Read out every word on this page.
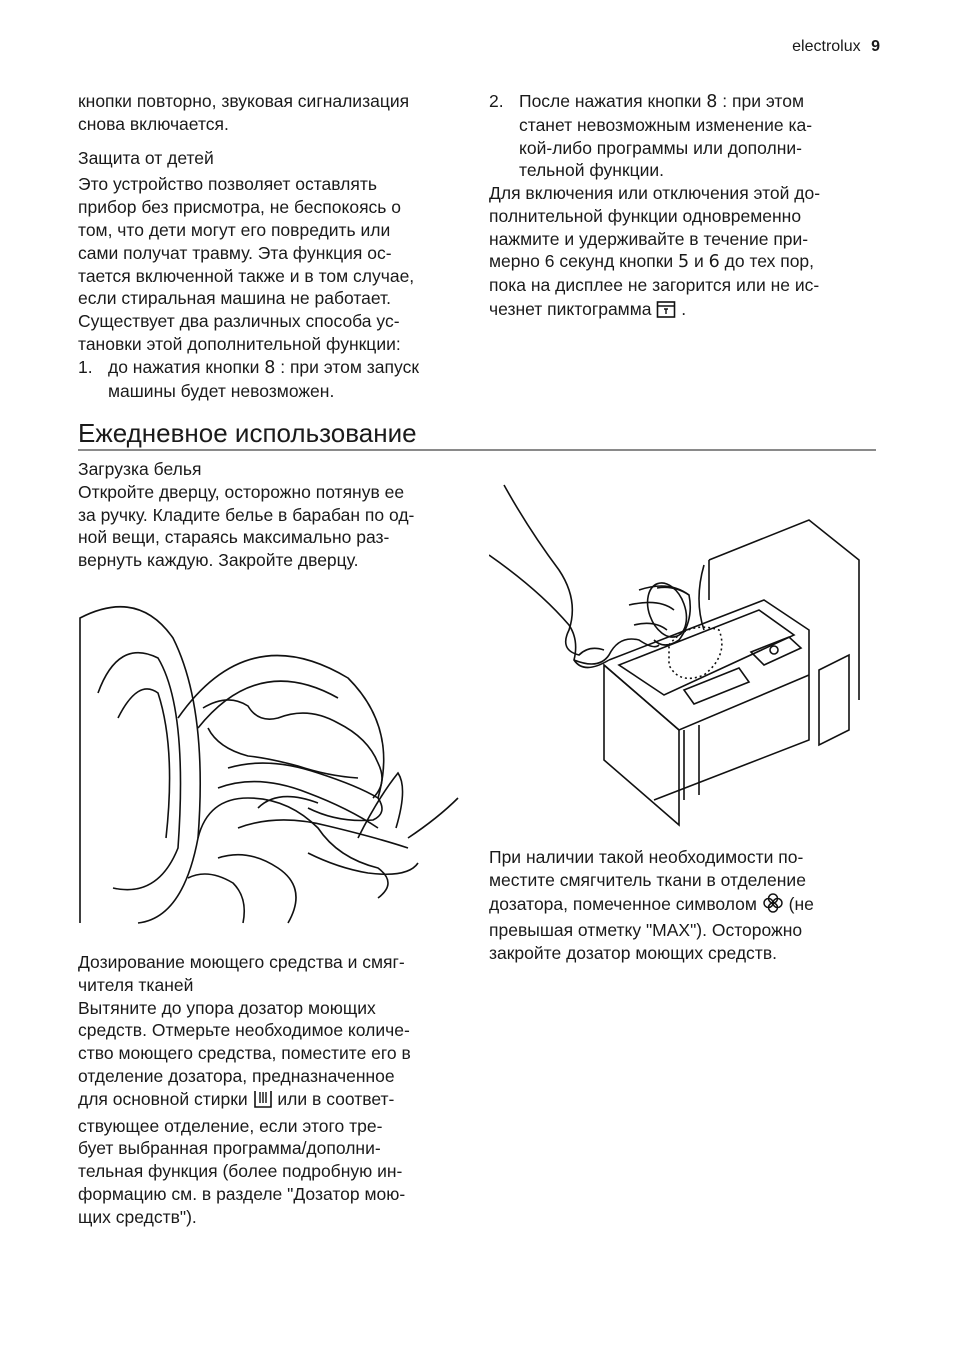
electrolux 9
кнопки повторно, звуковая сигнализация
снова включается.
Защита от детей
Это устройство позволяет оставлять
прибор без присмотра, не беспокоясь о
том, что дети могут его повредить или
сами получат травму. Эта функция ос-
тается включенной также и в том случае,
если стиральная машина не работает.
Существует два различных способа ус-
тановки этой дополнительной функции:
1. до нажатия кнопки 8 : при этом запуск
машины будет невозможен.
2. После нажатия кнопки 8 : при этом
станет невозможным изменение ка-
кой-либо программы или дополни-
тельной функции.
Для включения или отключения этой до-
полнительной функции одновременно
нажмите и удерживайте в течение при-
мерно 6 секунд кнопки 5 и 6 до тех пор,
пока на дисплее не загорится или не ис-
чезнет пиктограмма  .
Ежедневное использование
Загрузка белья
Откройте дверцу, осторожно потянув ее
за ручку. Кладите белье в барабан по од-
ной вещи, стараясь максимально раз-
вернуть каждую. Закройте дверцу.
Дозирование моющего средства и смяг-
чителя тканей
Вытяните до упора дозатор моющих
средств. Отмерьте необходимое количе-
ство моющего средства, поместите его в
отделение дозатора, предназначенное
для основной стирки  или в соответ-
ствующее отделение, если этого тре-
бует выбранная программа/дополни-
тельная функция (более подробную ин-
формацию см. в разделе "Дозатор мою-
щих средств").
При наличии такой необходимости по-
местите смягчитель ткани в отделение
дозатора, помеченное символом  (не
превышая отметку "MAX"). Осторожно
закройте дозатор моющих средств.
